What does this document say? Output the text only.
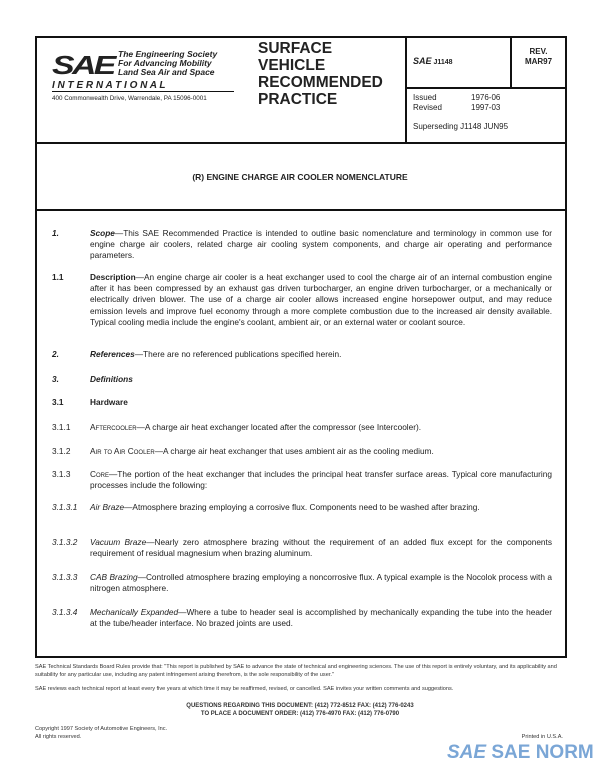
SAE The Engineering Society
For Advancing Mobility
Land Sea Air and Space
I N T E R N A T I O N A L
400 Commonwealth Drive, Warrendale, PA 15096-0001
SURFACE
VEHICLE
RECOMMENDED
PRACTICE
SAE J1148
REV.
MAR97
Issued	1976-06
Revised	1997-03
Superseding J1148 JUN95
(R) ENGINE CHARGE AIR COOLER NOMENCLATURE
1.	Scope—This SAE Recommended Practice is intended to outline basic nomenclature and terminology in common use for engine charge air coolers, related charge air cooling system components, and charge air operating and performance parameters.
1.1	Description—An engine charge air cooler is a heat exchanger used to cool the charge air of an internal combustion engine after it has been compressed by an exhaust gas driven turbocharger, an engine driven turbocharger, or a mechanically or electrically driven blower. The use of a charge air cooler allows increased engine horsepower output, and may reduce emission levels and improve fuel economy through a more complete combustion due to the increased air density available. Typical cooling media include the engine's coolant, ambient air, or an external water or coolant source.
2.	References—There are no referenced publications specified herein.
3.	Definitions
3.1	Hardware
3.1.1 Aftercooler—A charge air heat exchanger located after the compressor (see Intercooler).
3.1.2 Air to Air Cooler—A charge air heat exchanger that uses ambient air as the cooling medium.
3.1.3 Core—The portion of the heat exchanger that includes the principal heat transfer surface areas. Typical core manufacturing processes include the following:
3.1.3.1 Air Braze—Atmosphere brazing employing a corrosive flux. Components need to be washed after brazing.
3.1.3.2 Vacuum Braze—Nearly zero atmosphere brazing without the requirement of an added flux except for the components requirement of residual magnesium when brazing aluminum.
3.1.3.3 CAB Brazing—Controlled atmosphere brazing employing a noncorrosive flux. A typical example is the Nocolok process with a nitrogen atmosphere.
3.1.3.4 Mechanically Expanded—Where a tube to header seal is accomplished by mechanically expanding the tube into the header at the tube/header interface. No brazed joints are used.
SAE Technical Standards Board Rules provide that: "This report is published by SAE to advance the state of technical and engineering sciences. The use of this report is entirely voluntary, and its applicability and suitability for any particular use, including any patent infringement arising therefrom, is the sole responsibility of the user."
SAE reviews each technical report at least every five years at which time it may be reaffirmed, revised, or cancelled. SAE invites your written comments and suggestions.
QUESTIONS REGARDING THIS DOCUMENT: (412) 772-8512 FAX: (412) 776-0243
TO PLACE A DOCUMENT ORDER: (412) 776-4970 FAX: (412) 776-0790
Copyright 1997 Society of Automotive Engineers, Inc.
All rights reserved.	Printed in U.S.A.
SAE SAE NORM
